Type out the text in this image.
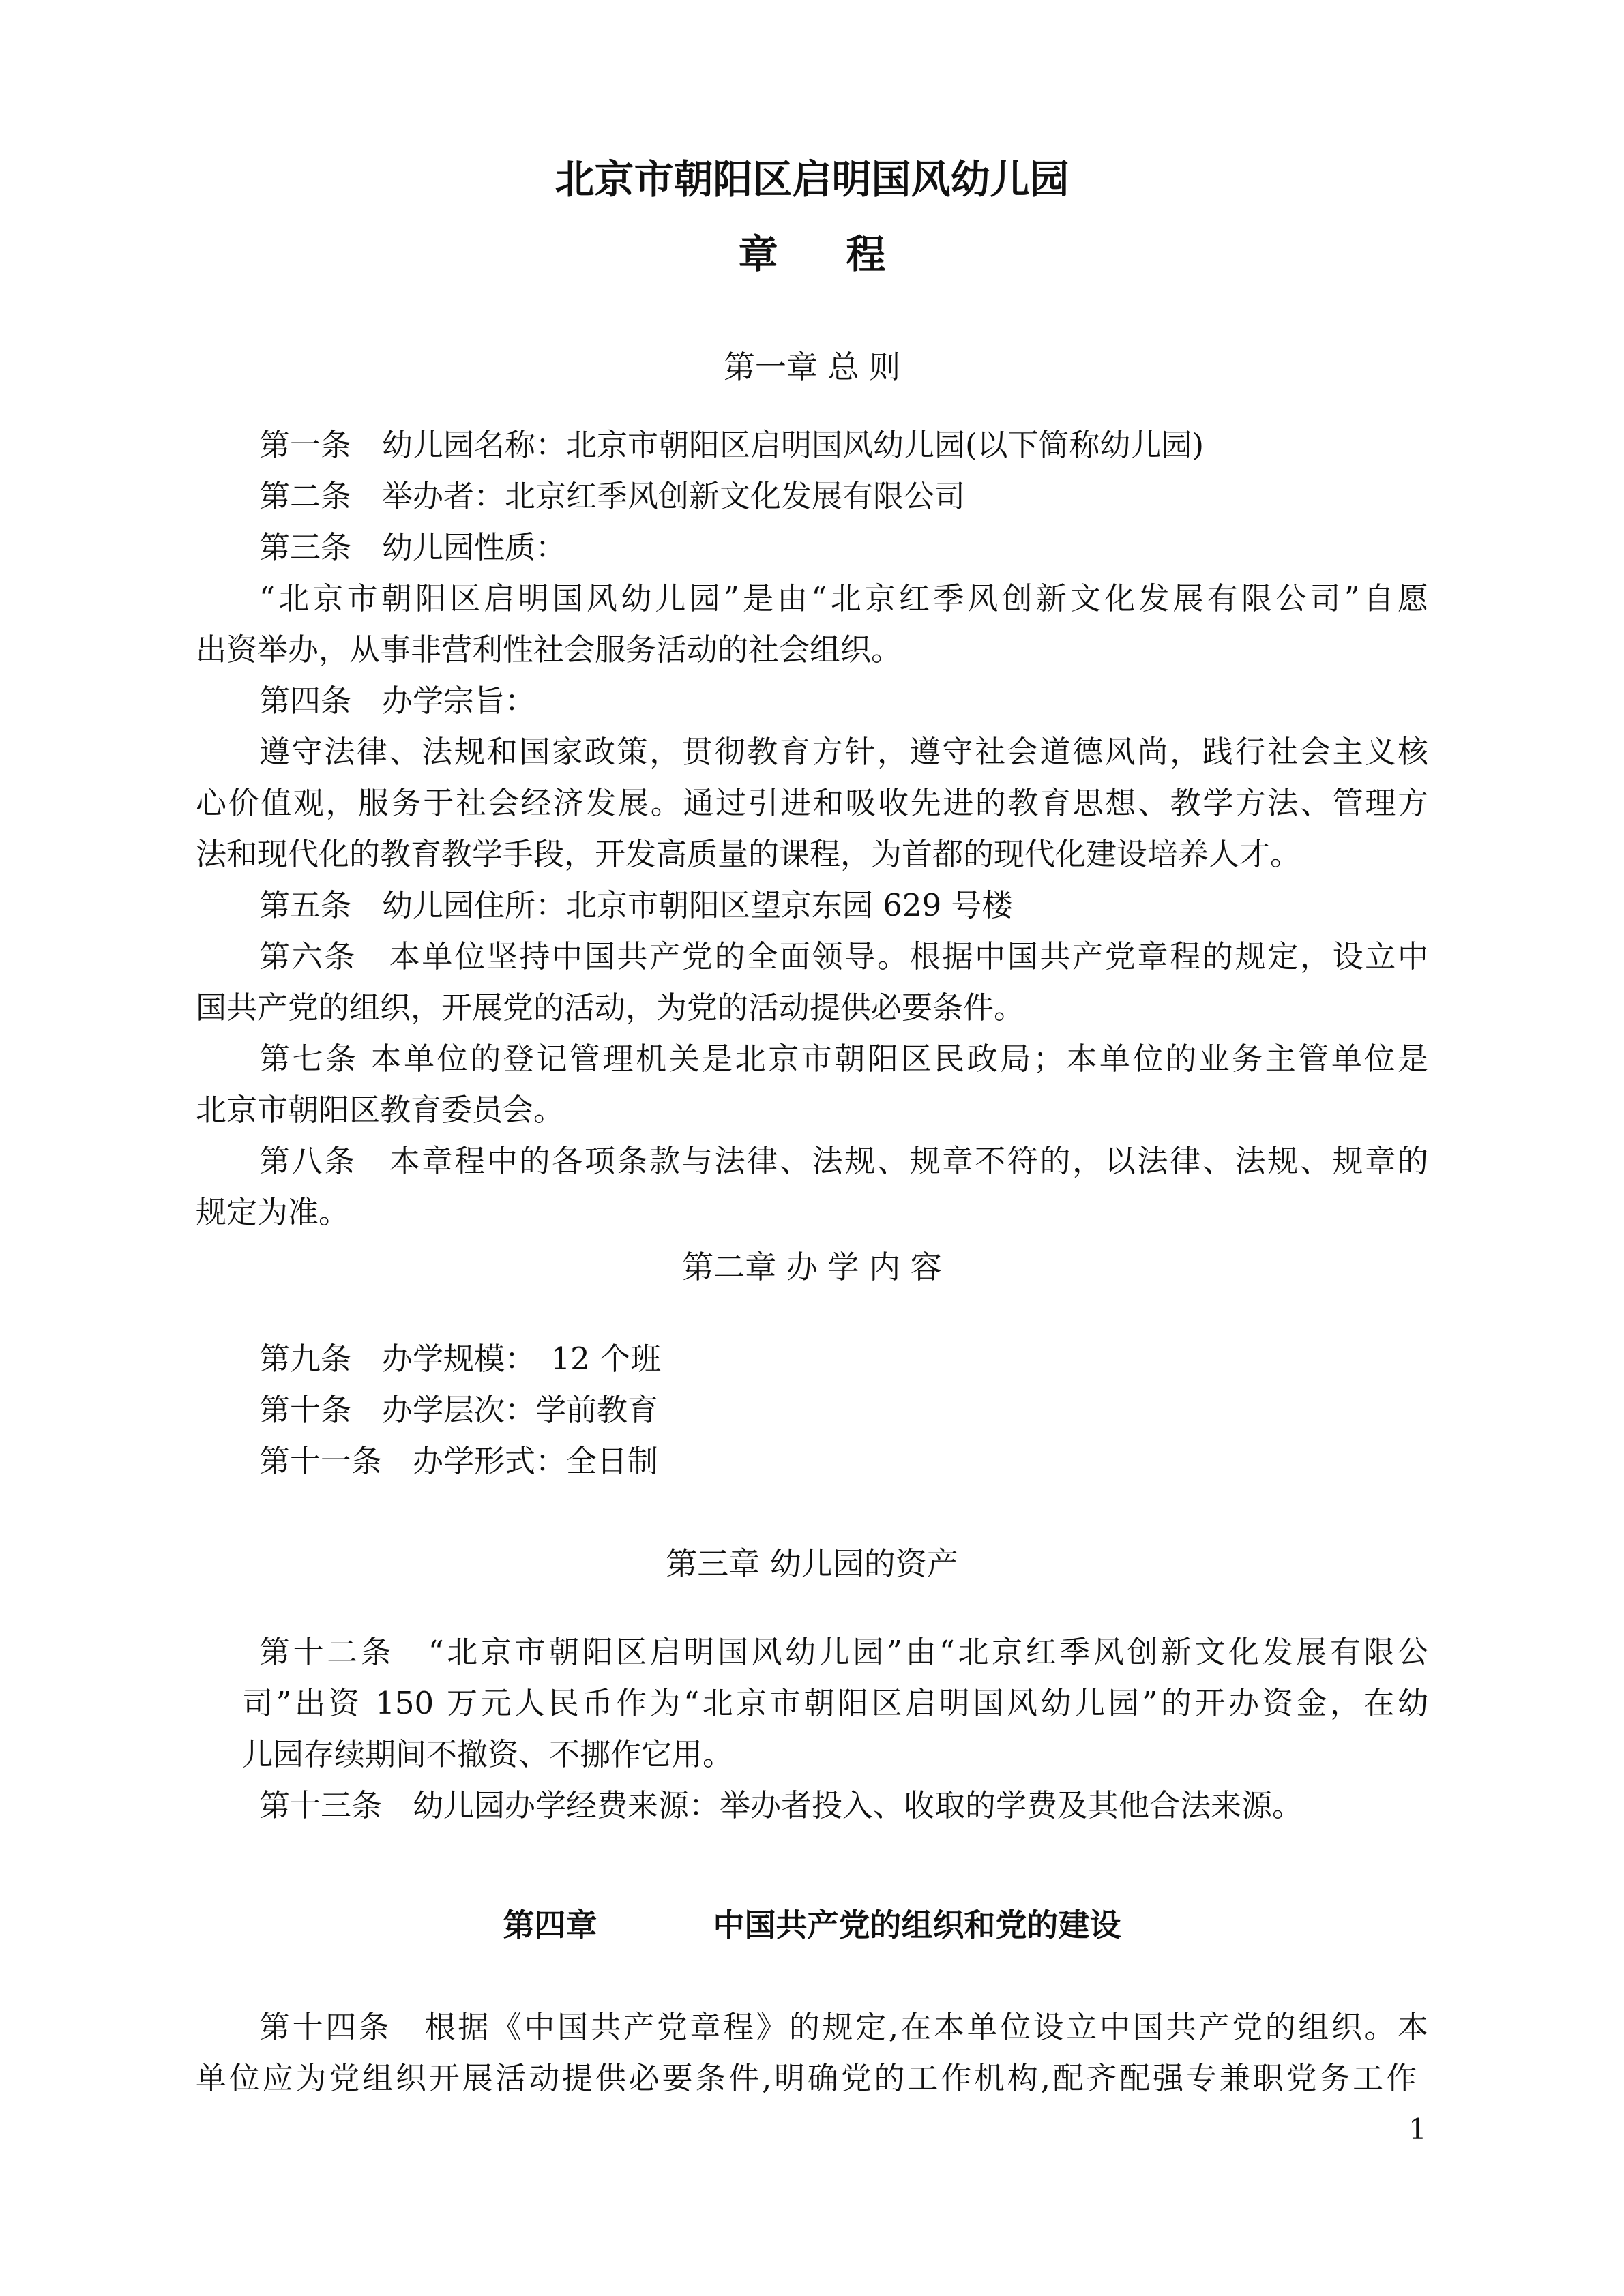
北京市朝阳区启明国风幼儿园
章程
第一章 总 则
第一条　幼儿园名称：北京市朝阳区启明国风幼儿园(以下简称幼儿园)
第二条　举办者：北京红季风创新文化发展有限公司
第三条　幼儿园性质：
“北京市朝阳区启明国风幼儿园”是由“北京红季风创新文化发展有限公司”自愿
出资举办，从事非营利性社会服务活动的社会组织。
第四条　办学宗旨：
遵守法律、法规和国家政策，贯彻教育方针，遵守社会道德风尚，践行社会主义核
心价值观，服务于社会经济发展。通过引进和吸收先进的教育思想、教学方法、管理方
法和现代化的教育教学手段，开发高质量的课程，为首都的现代化建设培养人才。
第五条　幼儿园住所：北京市朝阳区望京东园 629 号楼
第六条　本单位坚持中国共产党的全面领导。根据中国共产党章程的规定，设立中
国共产党的组织，开展党的活动，为党的活动提供必要条件。
第七条 本单位的登记管理机关是北京市朝阳区民政局；本单位的业务主管单位是
北京市朝阳区教育委员会。
第八条　本章程中的各项条款与法律、法规、规章不符的，以法律、法规、规章的
规定为准。
第二章 办 学 内 容
第九条　办学规模：　12 个班
第十条　办学层次：学前教育
第十一条　办学形式：全日制
第三章 幼儿园的资产
第十二条　“北京市朝阳区启明国风幼儿园”由“北京红季风创新文化发展有限公
司”出资 150 万元人民币作为“北京市朝阳区启明国风幼儿园”的开办资金，在幼
儿园存续期间不撤资、不挪作它用。
第十三条　幼儿园办学经费来源：举办者投入、收取的学费及其他合法来源。
第四章	中国共产党的组织和党的建设
第十四条　根据《中国共产党章程》的规定,在本单位设立中国共产党的组织。本
单位应为党组织开展活动提供必要条件,明确党的工作机构,配齐配强专兼职党务工作
1
